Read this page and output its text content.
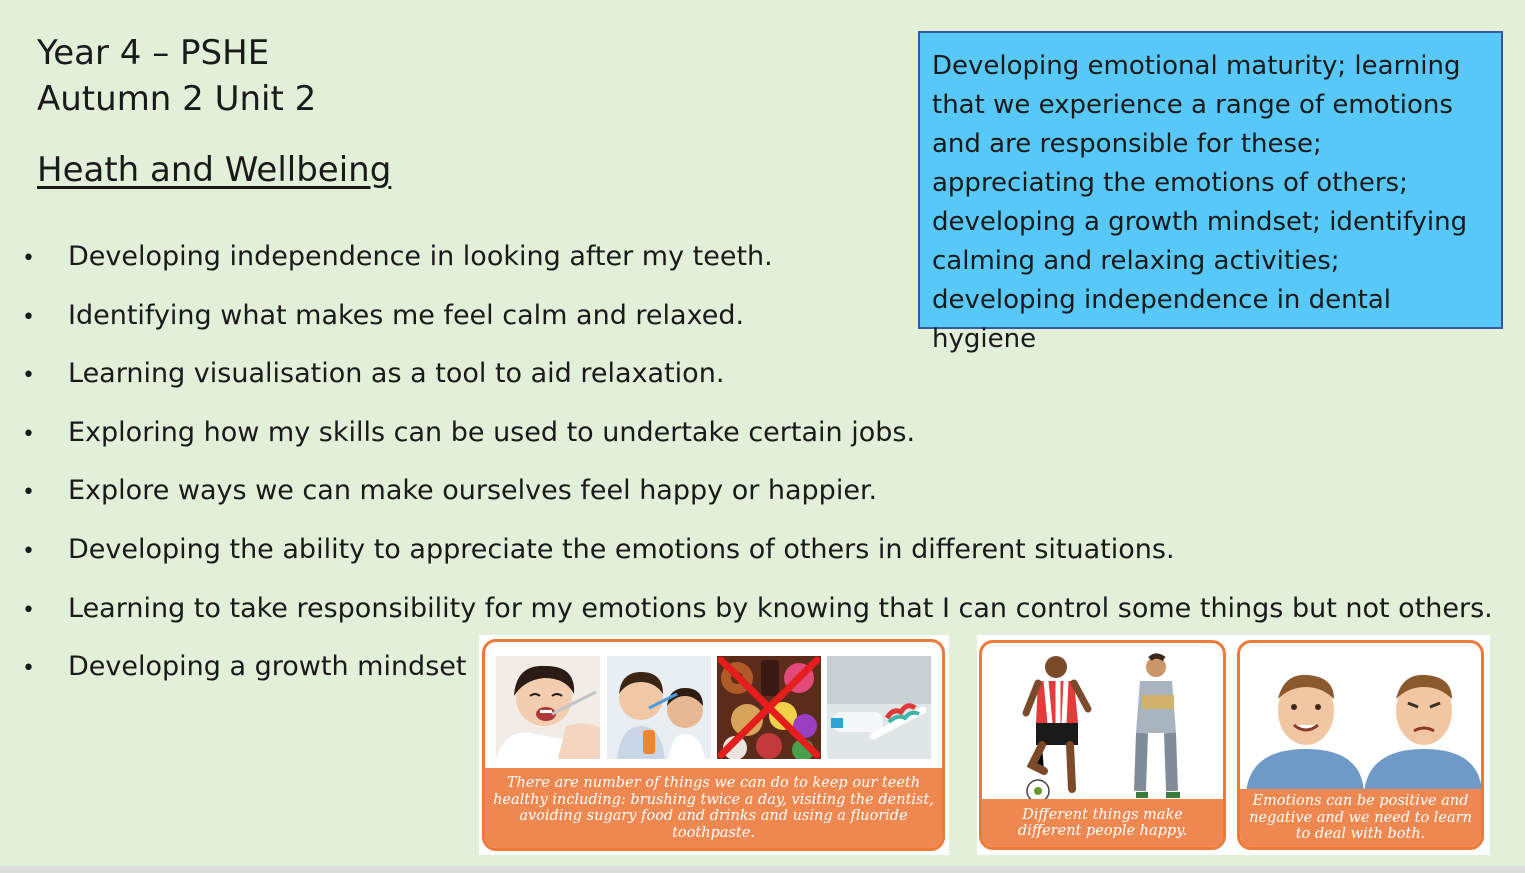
Year 4 – PSHE
Autumn 2 Unit 2
Heath and Wellbeing
Developing emotional maturity; learning that we experience a range of emotions and are responsible for these; appreciating the emotions of others; developing a growth mindset; identifying calming and relaxing activities; developing independence in dental hygiene
• Developing independence in looking after my teeth.
• Identifying what makes me feel calm and relaxed.
• Learning visualisation as a tool to aid relaxation.
• Exploring how my skills can be used to undertake certain jobs.
• Explore ways we can make ourselves feel happy or happier.
• Developing the ability to appreciate the emotions of others in different situations.
• Learning to take responsibility for my emotions by knowing that I can control some things but not others.
• Developing a growth mindset
There are number of things we can do to keep our teeth healthy including: brushing twice a day, visiting the dentist, avoiding sugary food and drinks and using a fluoride toothpaste.
Different things make different people happy.
Emotions can be positive and negative and we need to learn to deal with both.
